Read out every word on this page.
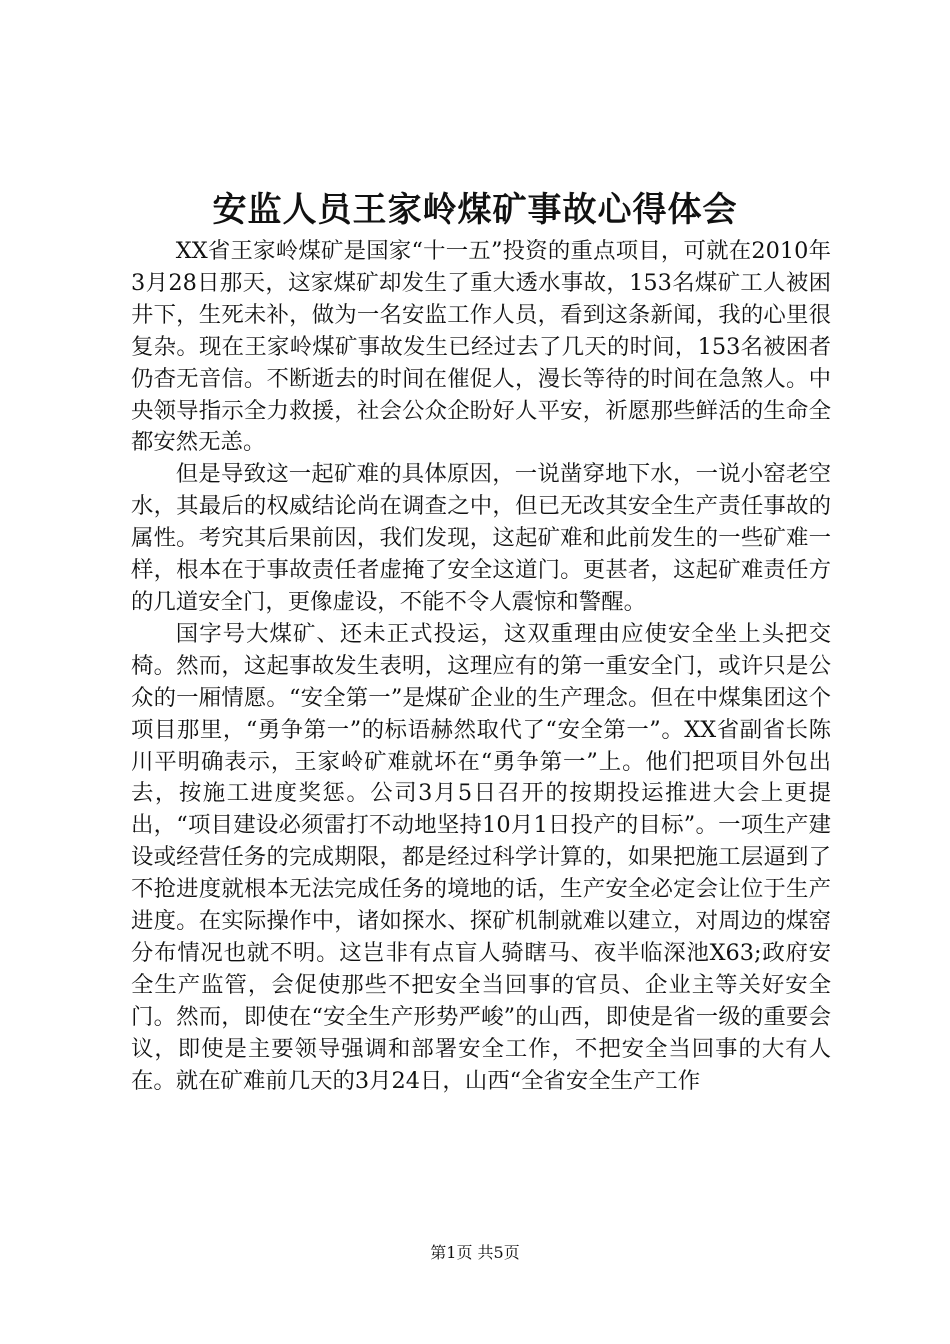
安监人员王家岭煤矿事故心得体会

XX省王家岭煤矿是国家“十一五”投资的重点项目，可就在2010年3月28日那天，这家煤矿却发生了重大透水事故，153名煤矿工人被困井下，生死未补，做为一名安监工作人员，看到这条新闻，我的心里很复杂。现在王家岭煤矿事故发生已经过去了几天的时间，153名被困者仍杳无音信。不断逝去的时间在催促人，漫长等待的时间在急煞人。中央领导指示全力救援，社会公众企盼好人平安，祈愿那些鲜活的生命全都安然无恙。

但是导致这一起矿难的具体原因，一说凿穿地下水，一说小窑老空水，其最后的权威结论尚在调查之中，但已无改其安全生产责任事故的属性。考究其后果前因，我们发现，这起矿难和此前发生的一些矿难一样，根本在于事故责任者虚掩了安全这道门。更甚者，这起矿难责任方的几道安全门，更像虚设，不能不令人震惊和警醒。

国字号大煤矿、还未正式投运，这双重理由应使安全坐上头把交椅。然而，这起事故发生表明，这理应有的第一重安全门，或许只是公众的一厢情愿。“安全第一”是煤矿企业的生产理念。但在中煤集团这个项目那里，“勇争第一”的标语赫然取代了“安全第一”。XX省副省长陈川平明确表示，王家岭矿难就坏在“勇争第一”上。他们把项目外包出去，按施工进度奖惩。公司3月5日召开的按期投运推进大会上更提出，“项目建设必须雷打不动地坚持10月1日投产的目标”。一项生产建设或经营任务的完成期限，都是经过科学计算的，如果把施工层逼到了不抢进度就根本无法完成任务的境地的话，生产安全必定会让位于生产进度。在实际操作中，诸如探水、探矿机制就难以建立，对周边的煤窑分布情况也就不明。这岂非有点盲人骑瞎马、夜半临深池X63;政府安全生产监管，会促使那些不把安全当回事的官员、企业主等关好安全门。然而，即使在“安全生产形势严峻”的山西，即使是省一级的重要会议，即使是主要领导强调和部署安全工作，不把安全当回事的大有人在。就在矿难前几天的3月24日，山西“全省安全生产工作

第1页 共5页
